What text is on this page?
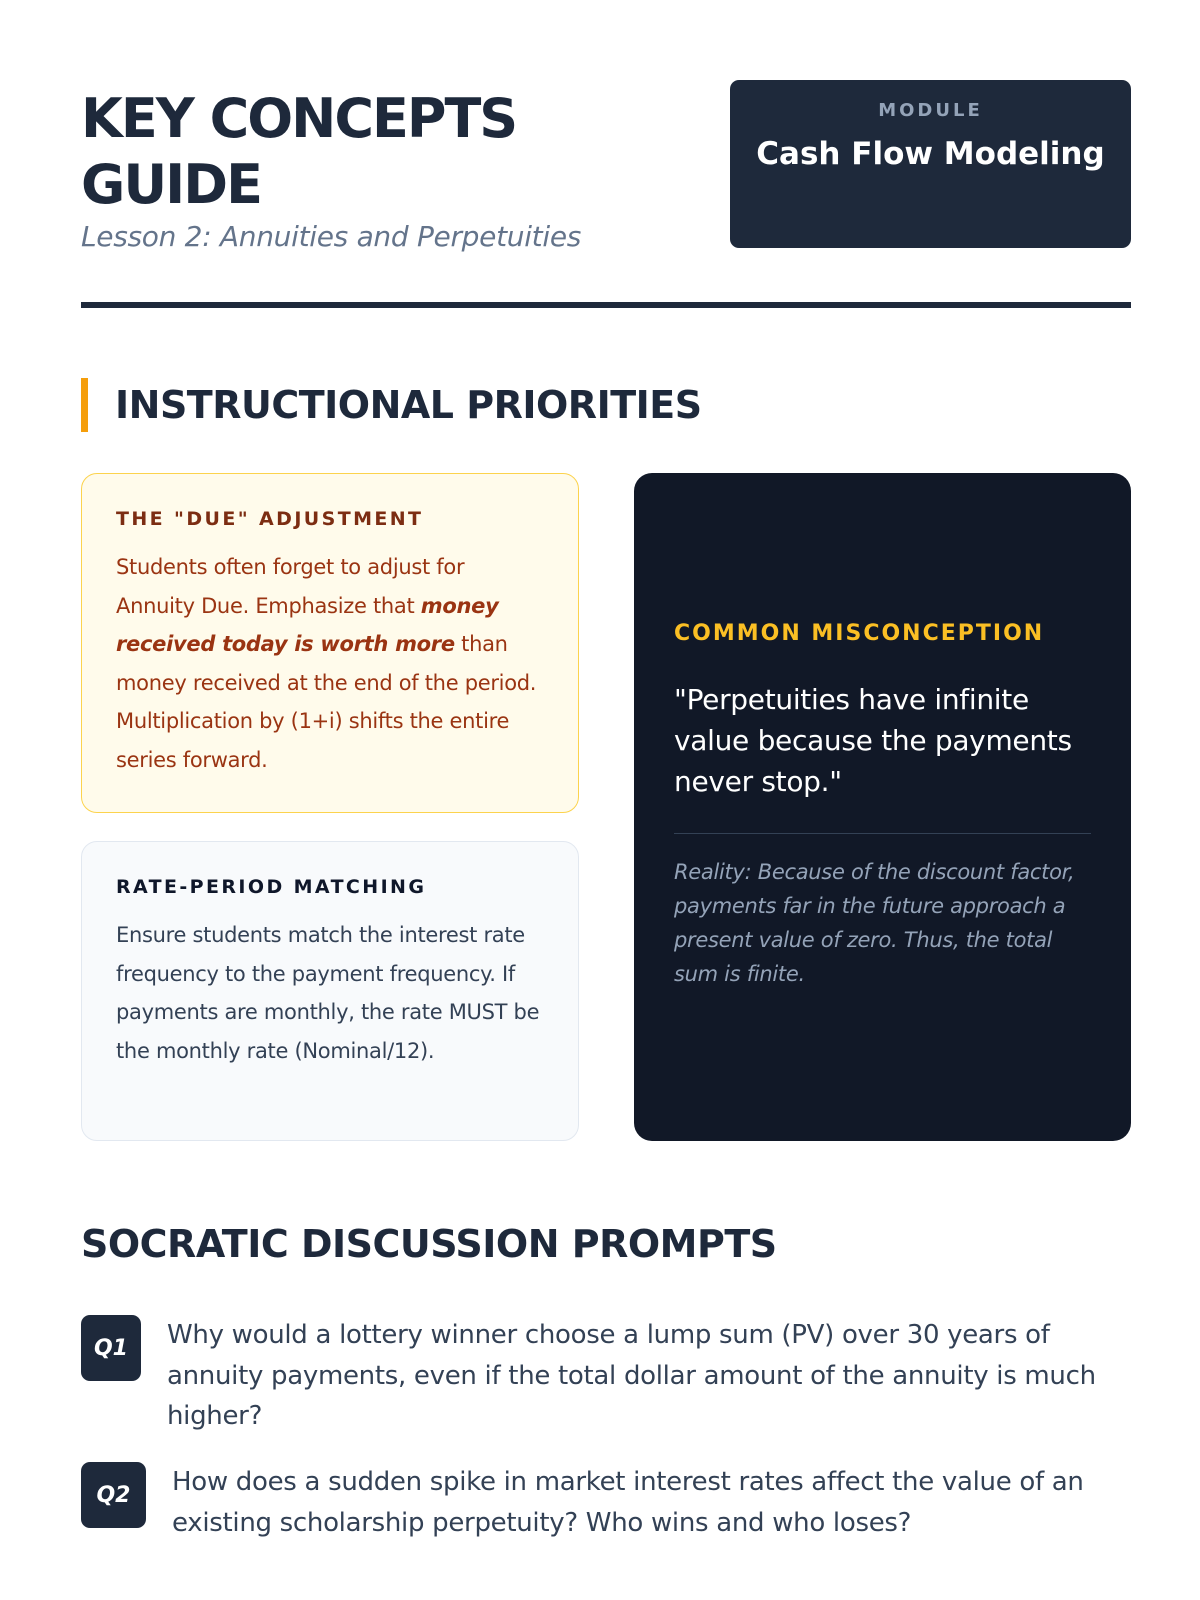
KEY CONCEPTS GUIDE
Lesson 2: Annuities and Perpetuities
MODULE
Cash Flow Modeling
INSTRUCTIONAL PRIORITIES
THE "DUE" ADJUSTMENT
Students often forget to adjust for Annuity Due. Emphasize that money received today is worth more than money received at the end of the period. Multiplication by (1+i) shifts the entire series forward.
RATE-PERIOD MATCHING
Ensure students match the interest rate frequency to the payment frequency. If payments are monthly, the rate MUST be the monthly rate (Nominal/12).
COMMON MISCONCEPTION
"Perpetuities have infinite value because the payments never stop."
Reality: Because of the discount factor, payments far in the future approach a present value of zero. Thus, the total sum is finite.
SOCRATIC DISCUSSION PROMPTS
Q1	Why would a lottery winner choose a lump sum (PV) over 30 years of annuity payments, even if the total dollar amount of the annuity is much higher?
Q2	How does a sudden spike in market interest rates affect the value of an existing scholarship perpetuity? Who wins and who loses?
